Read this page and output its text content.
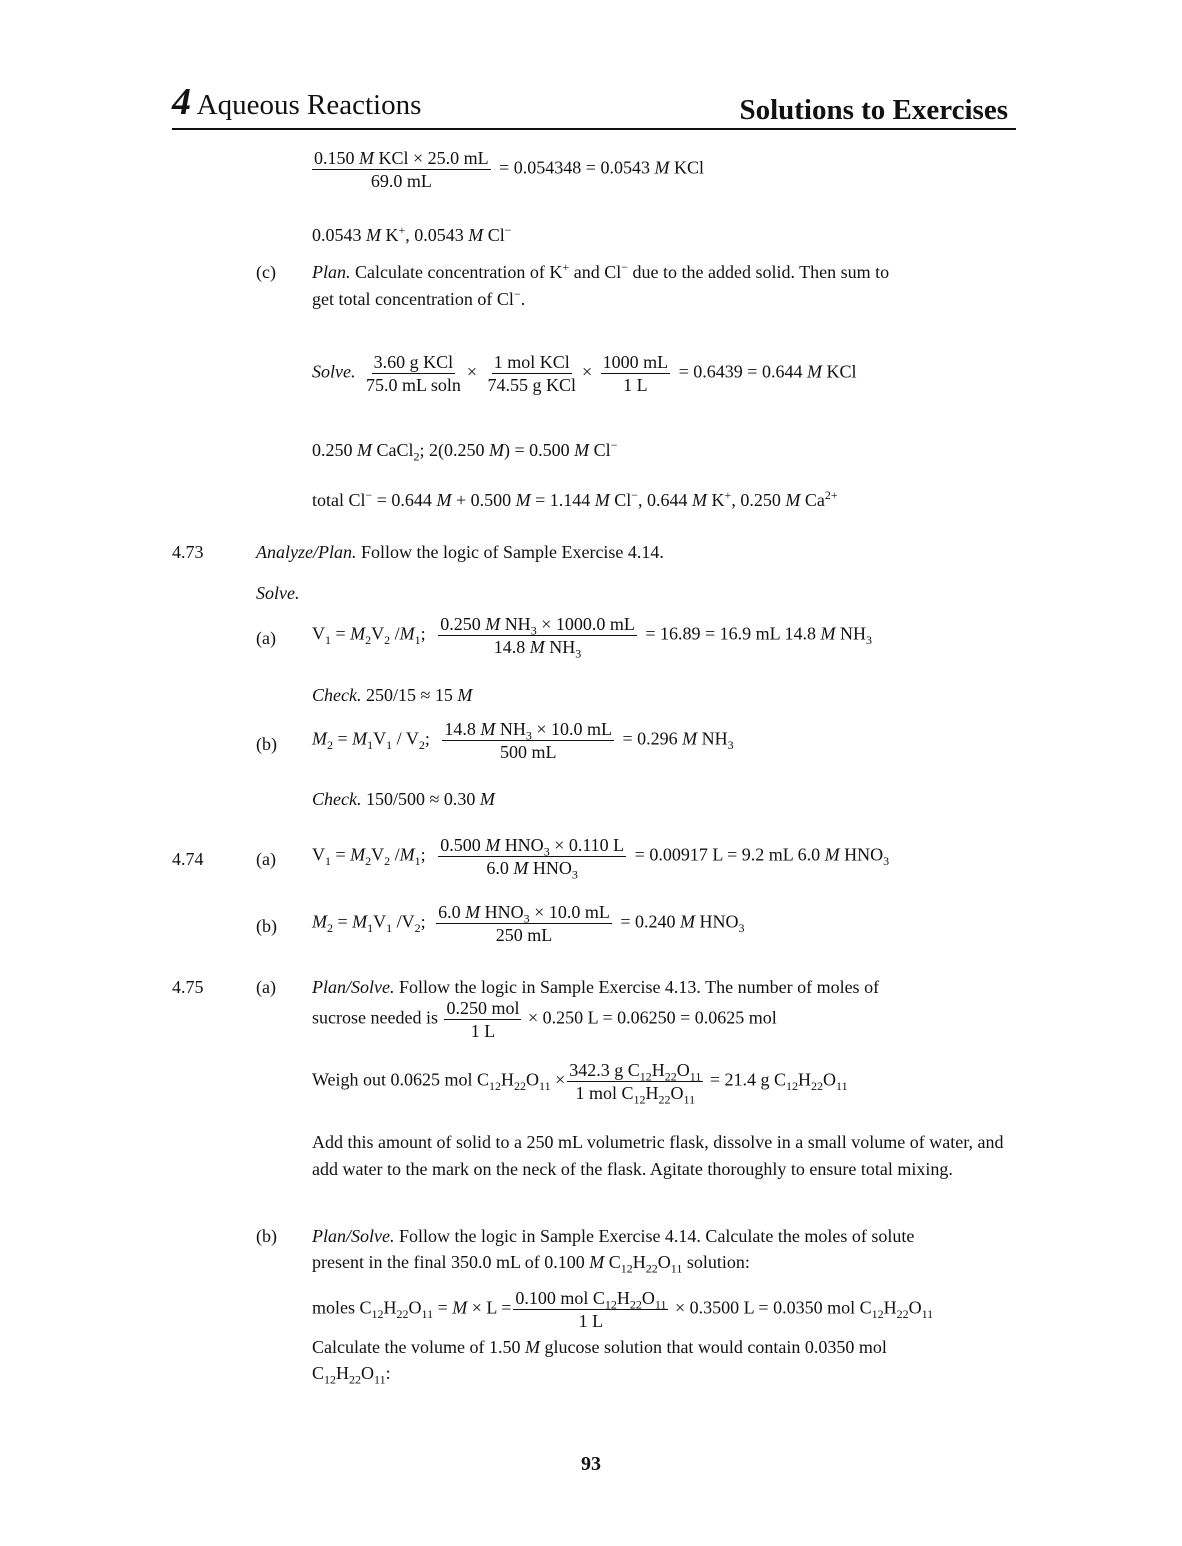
4 Aqueous Reactions	Solutions to Exercises
$\frac{\text{0.150 M KCl × 25.0 mL}}{69.0 mL} = 0.054348 = 0.0543$ M KCl
0.0543 M K+, 0.0543 M Cl−
(c) Plan. Calculate concentration of K+ and Cl− due to the added solid. Then sum to
get total concentration of Cl−.
Solve. $\frac{\text{3.60 g KCl}}{\text{75.0 mL soln}} \times \frac{\text{1 mol KCl}}{\text{74.55 g KCl}} \times \frac{1000 mL}{1 L} = 0.6439 = 0.644$ M KCl
0.250 M CaCl$_2$; 2(0.250 M) = 0.500 M Cl−
total Cl− = 0.644 M + 0.500 M = 1.144 M Cl−, 0.644 M K+, 0.250 M $Ca^{2+}$
4.73	Analyze/Plan. Follow the logic of Sample Exercise 4.14.
Solve.
(a) $V_1 = M_2V_2$ $/M_1$; $\frac{0.250 M NH_3 \times 1000.0 mL}{14.8 M NH_3} = 16.89 = 16.9$ mL 14.8 M $NH_3$
Check. 250/15 ≈ 15 M
(b) $M_2 = M_1V_1 / V_2$; $\frac{14.8 M NH_3 \times 10.0 mL}{500 mL} = 0.296$ M $NH_3$
Check. 150/500 ≈ 0.30 M
4.74	(a) $V_1 = M_2V_2$ $/M_1$; $\frac{0.500 M HNO_3 \times 0.110 L}{6.0 M HNO_3} = 0.00917$ L = 9.2 mL 6.0 M $HNO_3$
(b) $M_2 = M_1V_1$ $/V_2$; $\frac{6.0 M HNO_3 \times 10.0 mL}{250 mL} = 0.240$ M $HNO_3$
4.75	(a) Plan/Solve. Follow the logic in Sample Exercise 4.13. The number of moles of
sucrose needed is $\frac{\text{0.250 mol}}{1 L} \times 0.250$ L = 0.06250 = 0.0625 mol
Weigh out 0.0625 mol $C_{12}H_{22}O_{11} \times \frac{342.3 g C_{12}H_{22}O_{11}}{1 mol C_{12}H_{22}O_{11}} = 21.4$ g $C_{12}H_{22}O_{11}$
Add this amount of solid to a 250 mL volumetric flask, dissolve in a small volume of water, and add water to the mark on the neck of the flask. Agitate thoroughly to ensure total mixing.
(b) Plan/Solve. Follow the logic in Sample Exercise 4.14. Calculate the moles of solute
present in the final 350.0 mL of 0.100 M $C_{12}H_{22}O_{11}$ solution:
moles $C_{12}H_{22}O_{11} = M \times L = \frac{0.100 mol C_{12}H_{22}O_{11}}{1 L} \times 0.3500$ L = 0.0350 mol $C_{12}H_{22}O_{11}$
Calculate the volume of 1.50 M glucose solution that would contain 0.0350 mol
$C_{12}H_{22}O_{11}$:
93
